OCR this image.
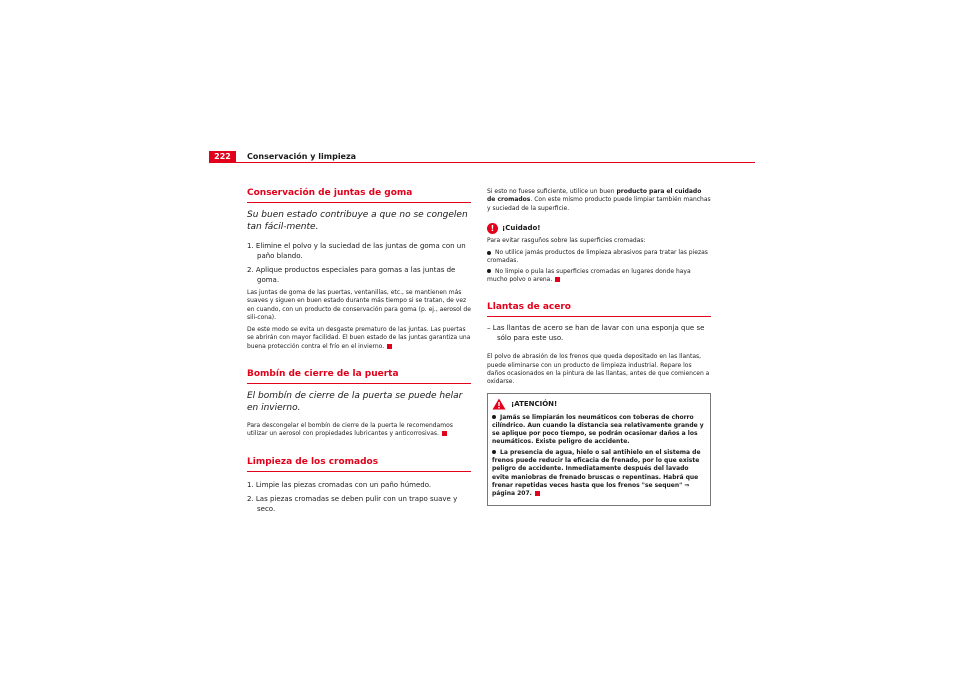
222	Conservación y limpieza
Conservación de juntas de goma
Su buen estado contribuye a que no se congelen tan fácil-mente.
1. Elimine el polvo y la suciedad de las juntas de goma con un paño blando.
2. Aplique productos especiales para gomas a las juntas de goma.

Las juntas de goma de las puertas, ventanillas, etc., se mantienen más suaves y siguen en buen estado durante más tiempo si se tratan, de vez en cuando, con un producto de conservación para goma (p. ej., aerosol de sili-cona).

De este modo se evita un desgaste prematuro de las juntas. Las puertas se abrirán con mayor facilidad. El buen estado de las juntas garantiza una buena protección contra el frío en el invierno.

Bombín de cierre de la puerta
El bombín de cierre de la puerta se puede helar en invierno.

Para descongelar el bombín de cierre de la puerta le recomendamos utilizar un aerosol con propiedades lubricantes y anticorrosivas.

Limpieza de los cromados
1. Limpie las piezas cromadas con un paño húmedo.
2. Las piezas cromadas se deben pulir con un trapo suave y seco.

Si esto no fuese suficiente, utilice un buen producto para el cuidado de cromados. Con este mismo producto puede limpiar también manchas y suciedad de la superficie.

!	¡Cuidado!

Para evitar rasguños sobre las superficies cromadas:

No utilice jamás productos de limpieza abrasivos para tratar las piezas cromadas.

No limpie o pula las superficies cromadas en lugares donde haya mucho polvo o arena.

Llantas de acero
– Las llantas de acero se han de lavar con una esponja que se sólo para este uso.

El polvo de abrasión de los frenos que queda depositado en las llantas, puede eliminarse con un producto de limpieza industrial. Repare los daños ocasionados en la pintura de las llantas, antes de que comiencen a oxidarse.

¡ATENCIÓN!

Jamás se limpiarán los neumáticos con toberas de chorro cilíndrico. Aun cuando la distancia sea relativamente grande y se aplique por poco tiempo, se podrán ocasionar daños a los neumáticos. Existe peligro de accidente.

La presencia de agua, hielo o sal antihielo en el sistema de frenos puede reducir la eficacia de frenado, por lo que existe peligro de accidente. Inmediatamente después del lavado evite maniobras de frenado bruscas o repentinas. Habrá que frenar repetidas veces hasta que los frenos "se sequen" ⇒ página 207.
